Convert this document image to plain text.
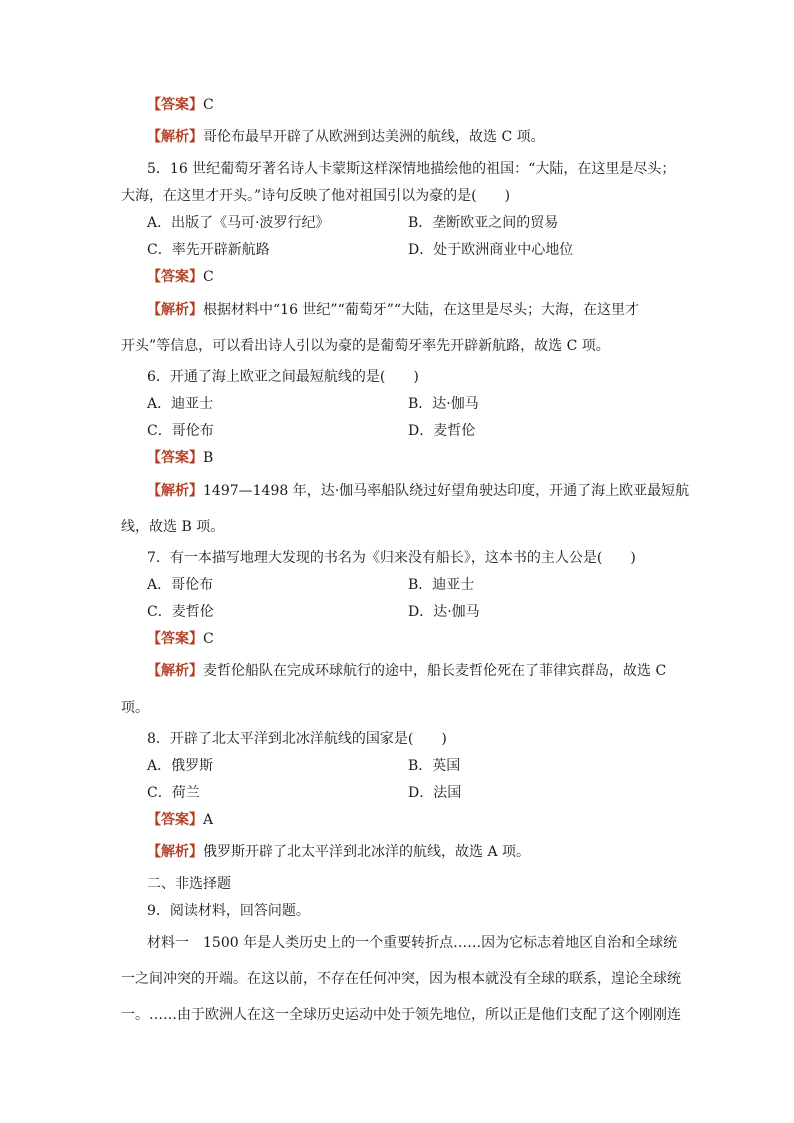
【答案】C
【解析】哥伦布最早开辟了从欧洲到达美洲的航线，故选 C 项。
5．16 世纪葡萄牙著名诗人卡蒙斯这样深情地描绘他的祖国：“大陆，在这里是尽头；
大海，在这里才开头。”诗句反映了他对祖国引以为豪的是(　　)
A．出版了《马可·波罗行纪》	B．垄断欧亚之间的贸易
C．率先开辟新航路	D．处于欧洲商业中心地位
【答案】C
【解析】根据材料中“16 世纪”“葡萄牙”“大陆，在这里是尽头；大海，在这里才
开头”等信息，可以看出诗人引以为豪的是葡萄牙率先开辟新航路，故选 C 项。
6．开通了海上欧亚之间最短航线的是(　　)
A．迪亚士	B．达·伽马
C．哥伦布	D．麦哲伦
【答案】B
【解析】1497—1498 年，达·伽马率船队绕过好望角驶达印度，开通了海上欧亚最短航
线，故选 B 项。
7．有一本描写地理大发现的书名为《归来没有船长》，这本书的主人公是(　　)
A．哥伦布	B．迪亚士
C．麦哲伦	D．达·伽马
【答案】C
【解析】麦哲伦船队在完成环球航行的途中，船长麦哲伦死在了菲律宾群岛，故选 C
项。
8．开辟了北太平洋到北冰洋航线的国家是(　　)
A．俄罗斯	B．英国
C．荷兰	D．法国
【答案】A
【解析】俄罗斯开辟了北太平洋到北冰洋的航线，故选 A 项。
二、非选择题
9．阅读材料，回答问题。
材料一　1500 年是人类历史上的一个重要转折点……因为它标志着地区自治和全球统
一之间冲突的开端。在这以前，不存在任何冲突，因为根本就没有全球的联系，遑论全球统
一。……由于欧洲人在这一全球历史运动中处于领先地位，所以正是他们支配了这个刚刚连
